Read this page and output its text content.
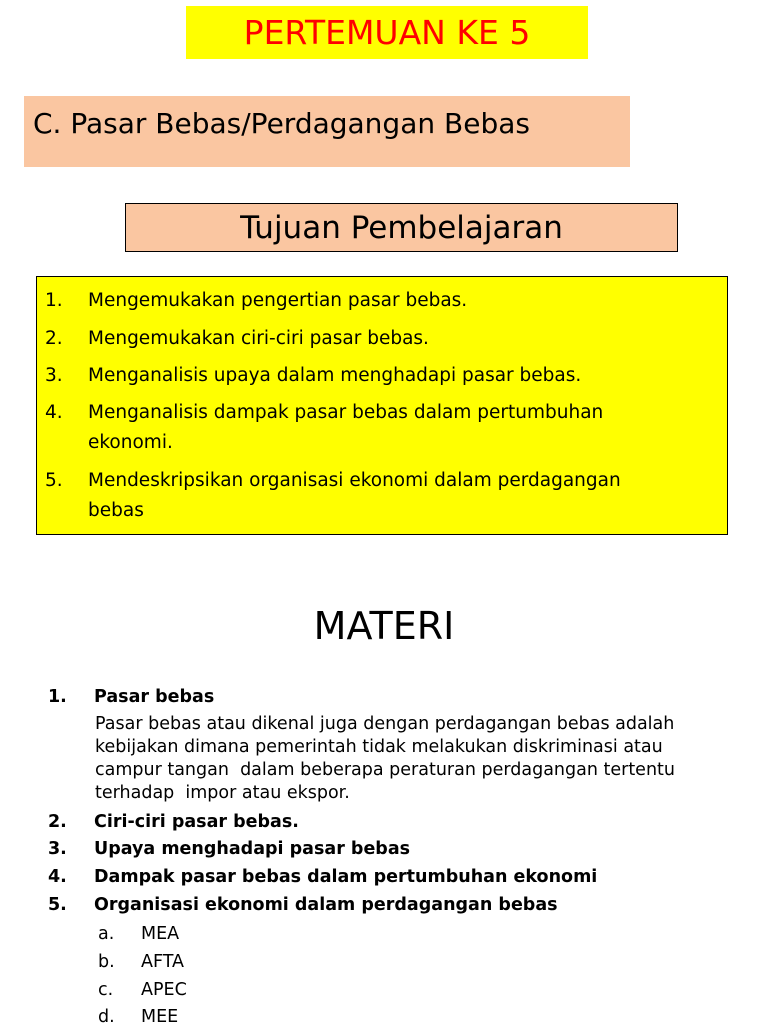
PERTEMUAN KE 5
C. Pasar Bebas/Perdagangan Bebas
Tujuan Pembelajaran
1. Mengemukakan pengertian pasar bebas.
2. Mengemukakan ciri-ciri pasar bebas.
3. Menganalisis upaya dalam menghadapi pasar bebas.
4. Menganalisis dampak pasar bebas dalam pertumbuhan
ekonomi.
5. Mendeskripsikan organisasi ekonomi dalam perdagangan
bebas
MATERI
1. Pasar bebas
Pasar bebas atau dikenal juga dengan perdagangan bebas adalah
kebijakan dimana pemerintah tidak melakukan diskriminasi atau
campur tangan  dalam beberapa peraturan perdagangan tertentu
terhadap  impor atau ekspor.
2. Ciri-ciri pasar bebas.
3. Upaya menghadapi pasar bebas
4. Dampak pasar bebas dalam pertumbuhan ekonomi
5. Organisasi ekonomi dalam perdagangan bebas
a. MEA
b. AFTA
c. APEC
d. MEE
